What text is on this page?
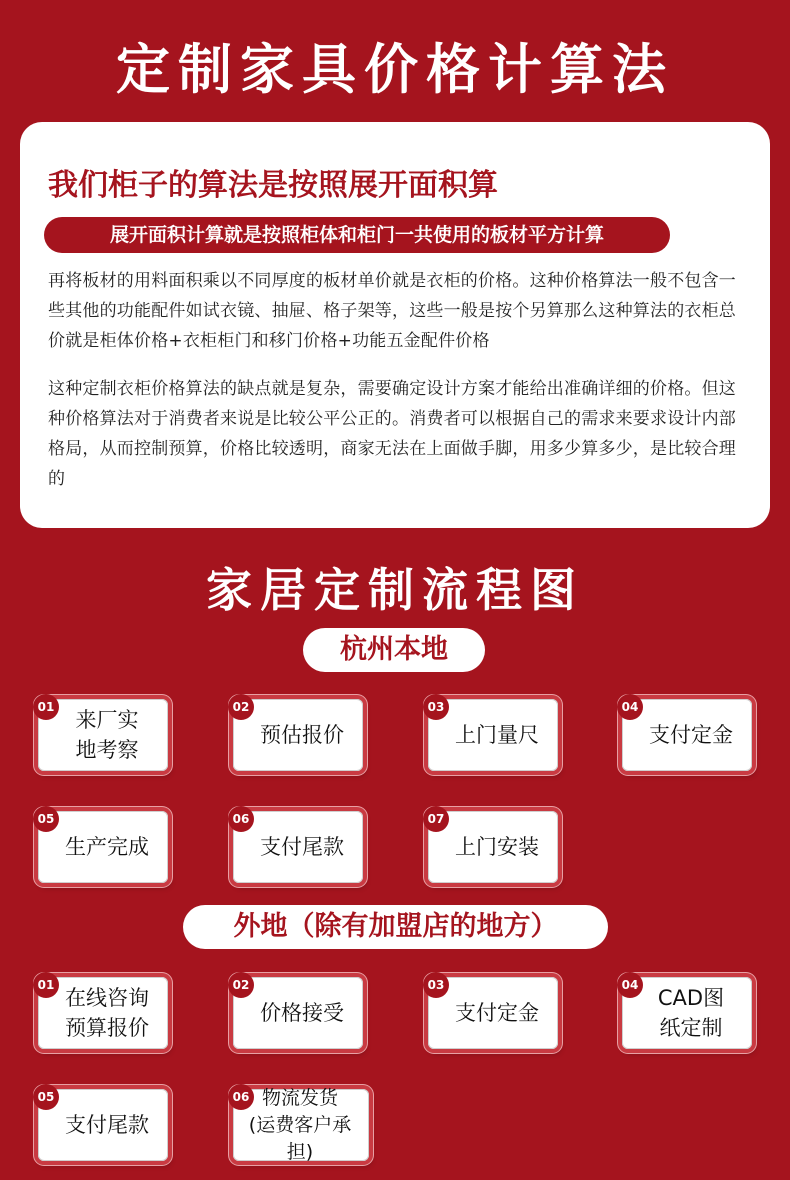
定制家具价格计算法
我们柜子的算法是按照展开面积算
展开面积计算就是按照柜体和柜门一共使用的板材平方计算

再将板材的用料面积乘以不同厚度的板材单价就是衣柜的价格。这种价格算法一般不包含一些其他的功能配件如试衣镜、抽屉、格子架等，这些一般是按个另算那么这种算法的衣柜总价就是柜体价格+衣柜柜门和移门价格+功能五金配件价格

这种定制衣柜价格算法的缺点就是复杂，需要确定设计方案才能给出准确详细的价格。但这种价格算法对于消费者来说是比较公平公正的。消费者可以根据自己的需求来要求设计内部格局，从而控制预算，价格比较透明，商家无法在上面做手脚，用多少算多少，是比较合理的

家居定制流程图
杭州本地
01
来厂实
地考察
02
预估报价
03
上门量尺
04
支付定金
05
生产完成
06
支付尾款
07
上门安装
外地（除有加盟店的地方）
01
在线咨询
预算报价
02
价格接受
03
支付定金
04
CAD图
纸定制
05
支付尾款
06 物流发货
(运费客户承担)
